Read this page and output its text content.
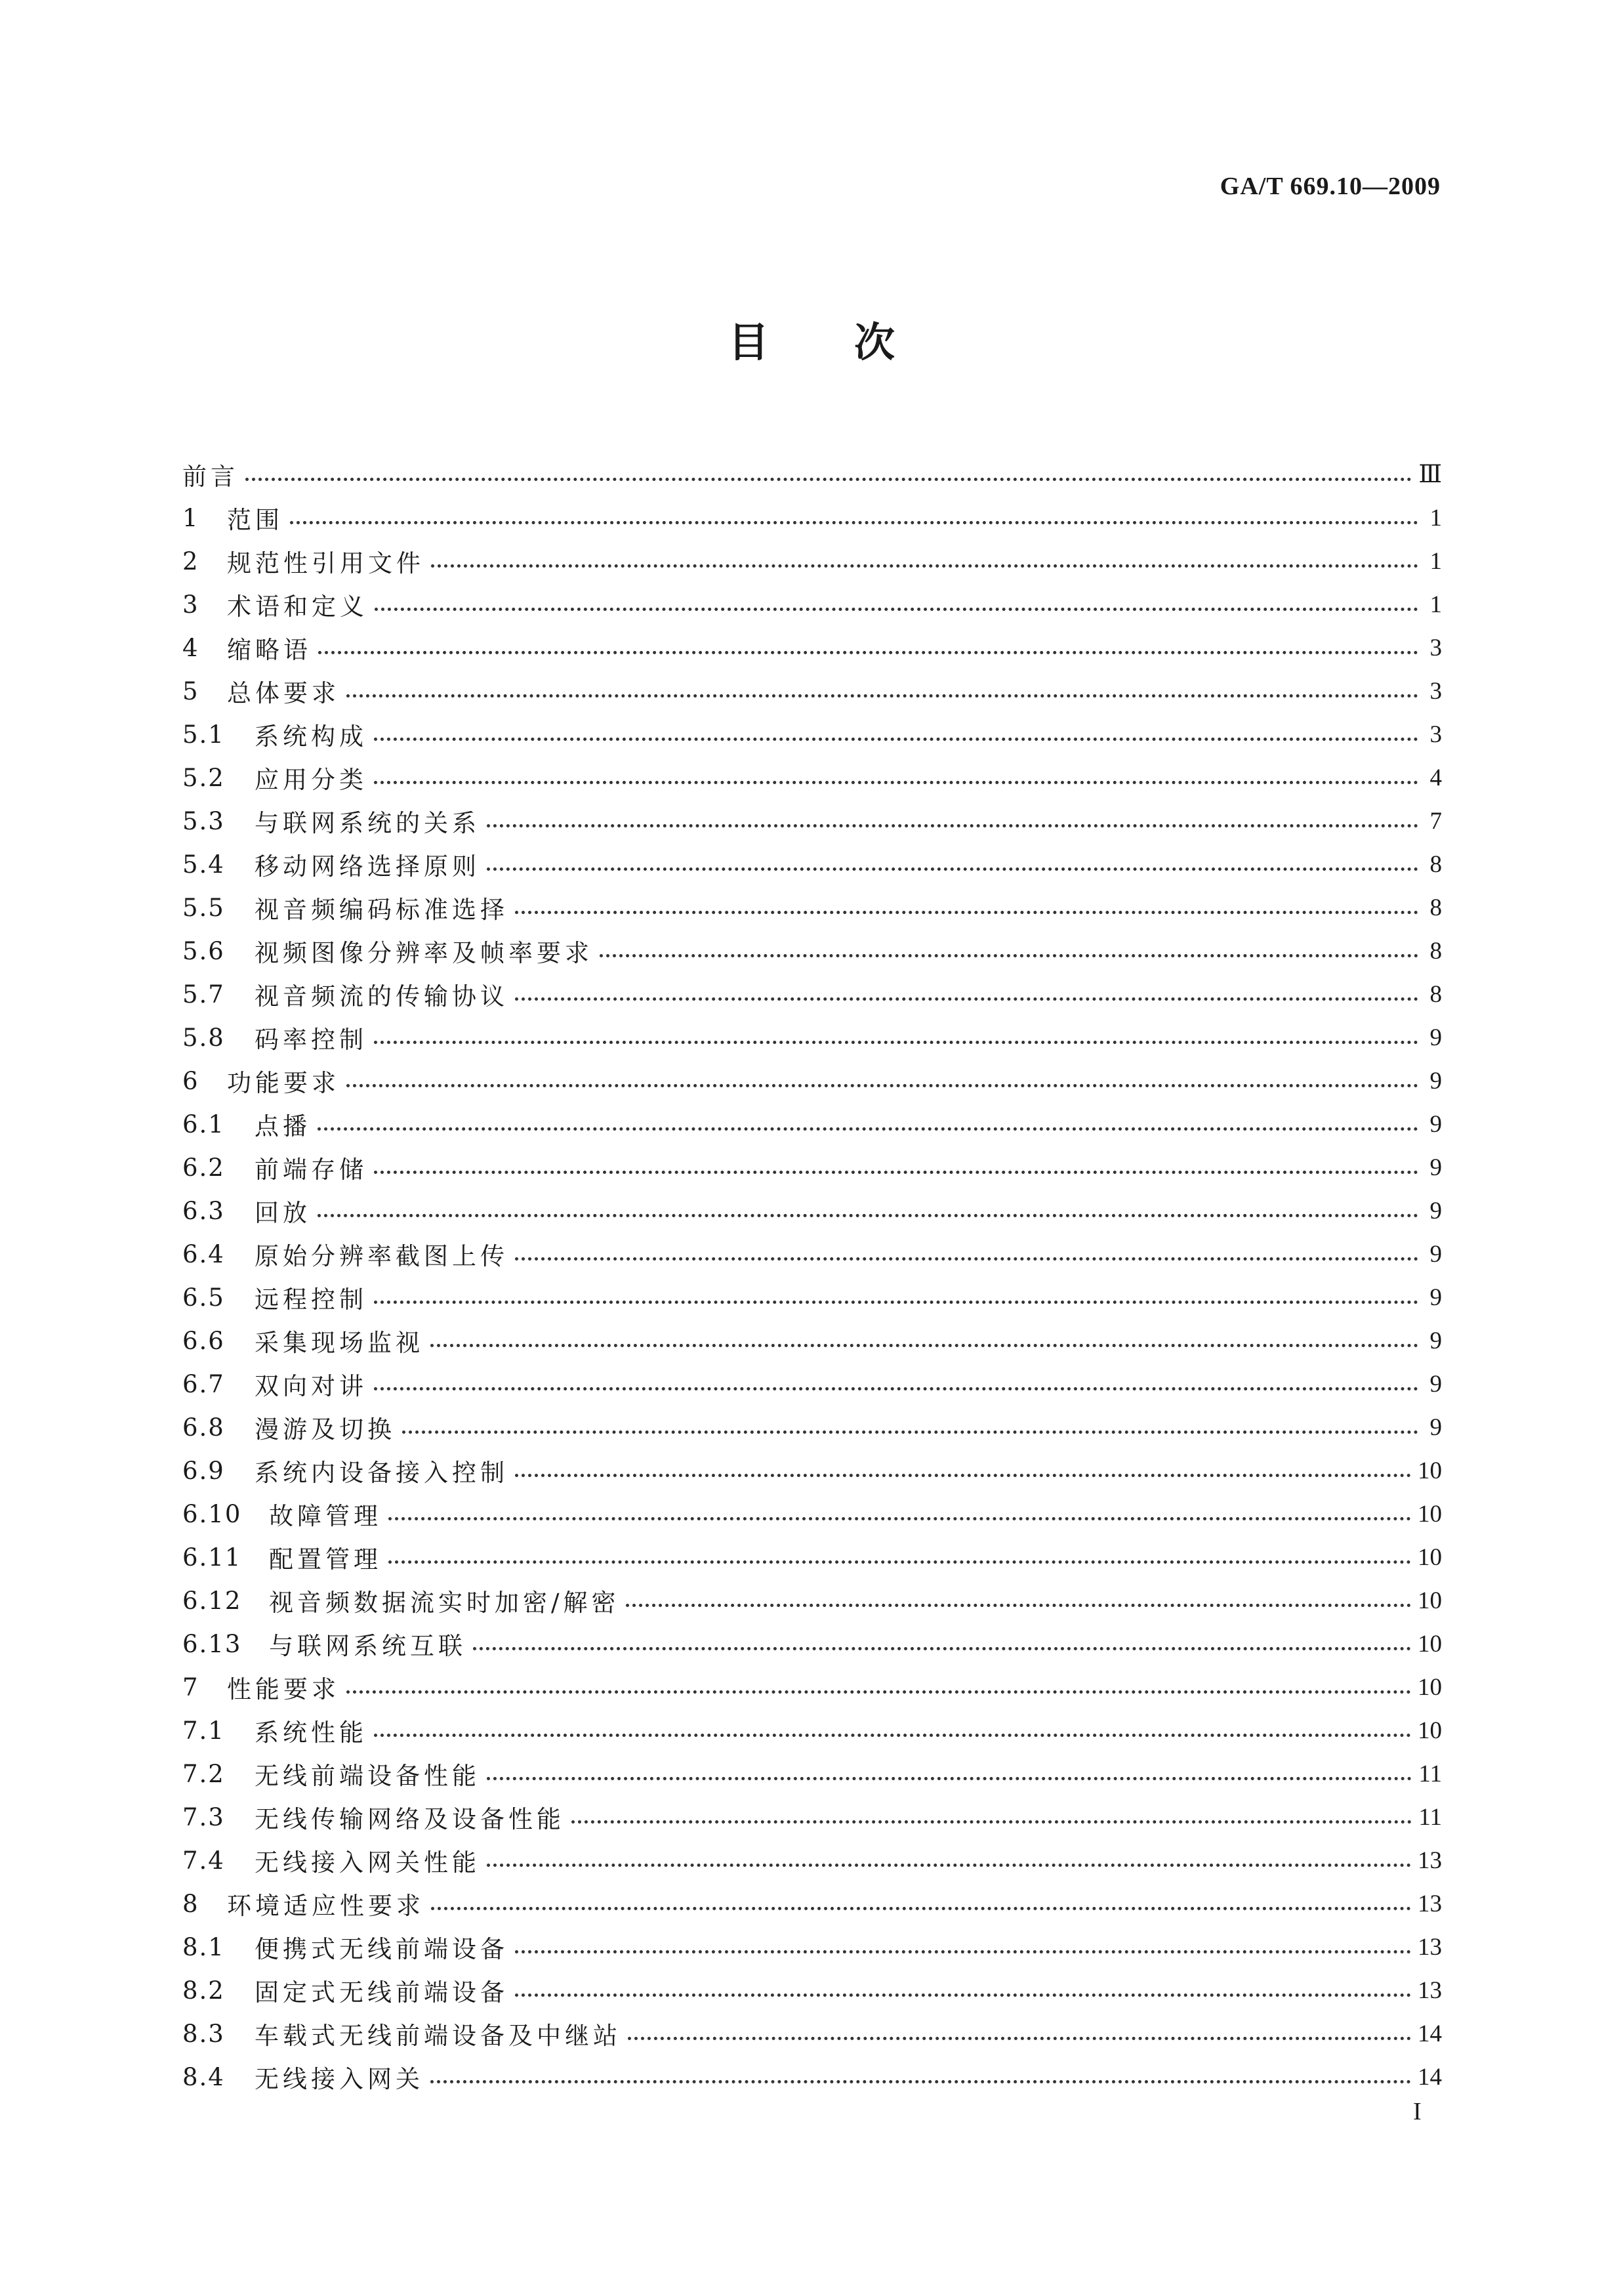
GA/T 669.10—2009
目 次
前言	Ⅲ
1	范围	1
2	规范性引用文件	1
3	术语和定义	1
4	缩略语	3
5	总体要求	3
5.1	系统构成	3
5.2	应用分类	4
5.3	与联网系统的关系	7
5.4	移动网络选择原则	8
5.5	视音频编码标准选择	8
5.6	视频图像分辨率及帧率要求	8
5.7	视音频流的传输协议	8
5.8	码率控制	9
6	功能要求	9
6.1	点播	9
6.2	前端存储	9
6.3	回放	9
6.4	原始分辨率截图上传	9
6.5	远程控制	9
6.6	采集现场监视	9
6.7	双向对讲	9
6.8	漫游及切换	9
6.9	系统内设备接入控制	10
6.10	故障管理	10
6.11	配置管理	10
6.12	视音频数据流实时加密/解密	10
6.13	与联网系统互联	10
7	性能要求	10
7.1	系统性能	10
7.2	无线前端设备性能	11
7.3	无线传输网络及设备性能	11
7.4	无线接入网关性能	13
8	环境适应性要求	13
8.1	便携式无线前端设备	13
8.2	固定式无线前端设备	13
8.3	车载式无线前端设备及中继站	14
8.4	无线接入网关	14
I
